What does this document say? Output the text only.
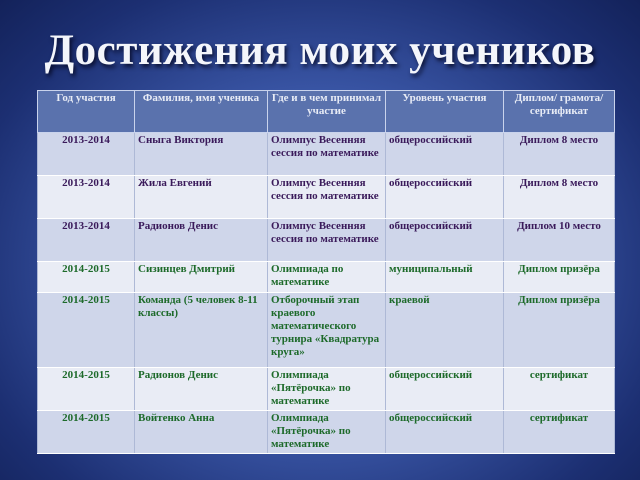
Достижения моих учеников
Год участия	Фамилия, имя ученика	Где и в чем принимал участие	Уровень участия	Диплом/ грамота/ сертификат
2013-2014	Сныга Виктория	Олимпус Весенняя сессия по математике	общероссийский	Диплом 8 место
2013-2014	Жила Евгений	Олимпус Весенняя сессия по математике	общероссийский	Диплом 8 место
2013-2014	Радионов Денис	Олимпус Весенняя сессия по математике	общероссийский	Диплом 10 место
2014-2015	Сизинцев Дмитрий	Олимпиада по математике	муниципальный	Диплом призёра
2014-2015	Команда (5 человек 8-11 классы)	Отборочный этап краевого математического турнира «Квадратура круга»	краевой	Диплом призёра
2014-2015	Радионов Денис	Олимпиада «Пятёрочка» по математике	общероссийский	сертификат
2014-2015	Войтенко Анна	Олимпиада «Пятёрочка» по математике	общероссийский	сертификат
